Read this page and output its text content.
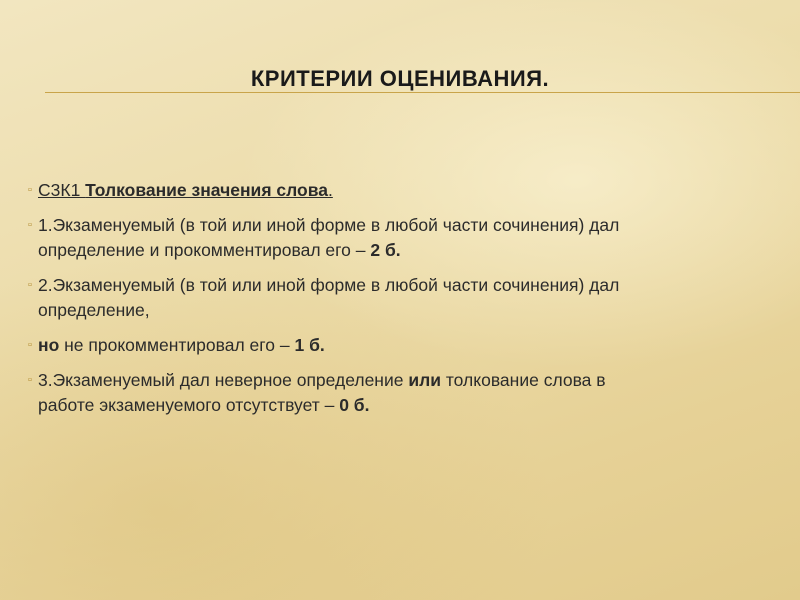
КРИТЕРИИ ОЦЕНИВАНИЯ.
▫ С3К1 Толкование значения слова.
▫ 1.Экзаменуемый (в той или иной форме в любой части сочинения) дал
определение и прокомментировал его – 2 б.
▫ 2.Экзаменуемый (в той или иной форме в любой части сочинения) дал
определение,
▫ но не прокомментировал его – 1 б.
▫ 3.Экзаменуемый дал неверное определение или толкование слова в
работе экзаменуемого отсутствует – 0 б.
